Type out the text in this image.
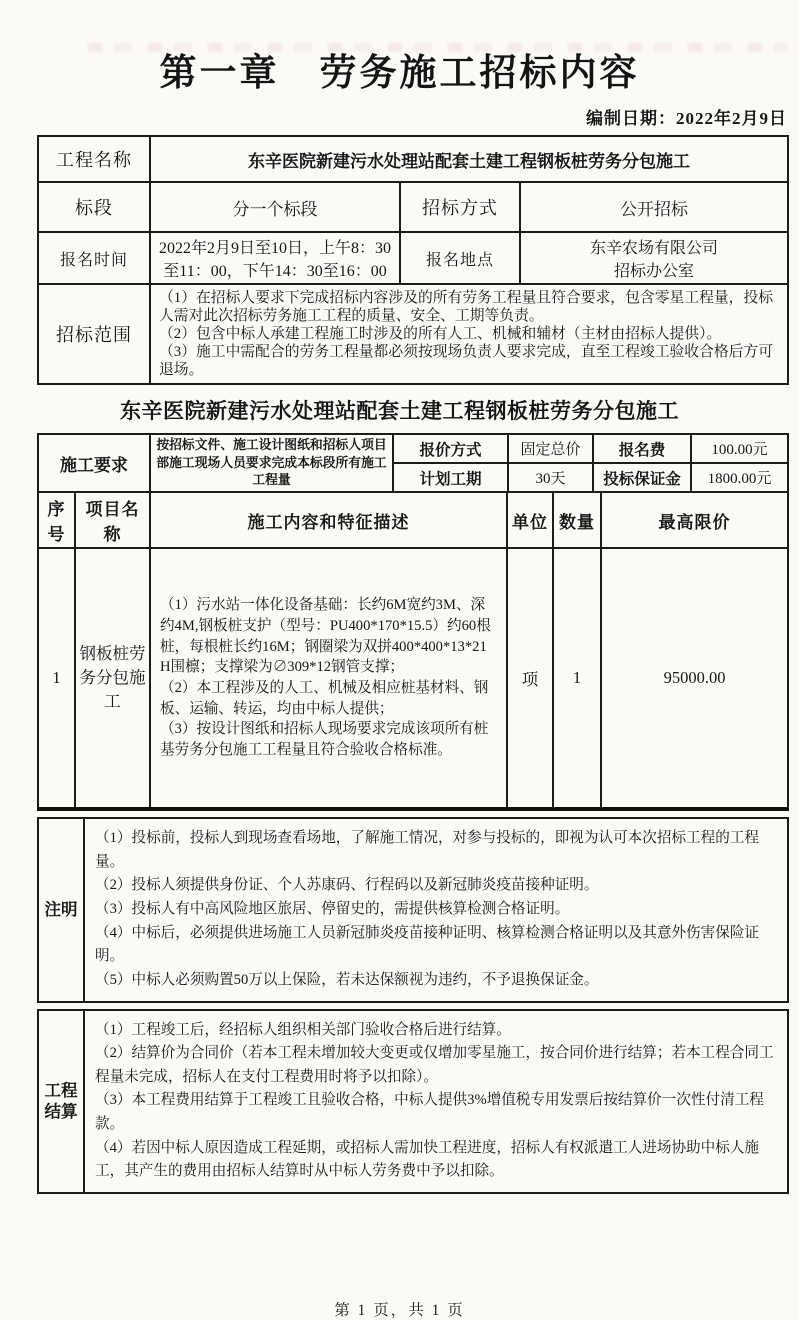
第一章　劳务施工招标内容
编制日期：2022年2月9日
工程名称	东辛医院新建污水处理站配套土建工程钢板桩劳务分包施工		
标段	分一个标段	招标方式	公开招标
报名时间	2022年2月9日至10日，上午8：30至11：00，下午14：30至16：00	报名地点	东辛农场有限公司
招标办公室

招标范围	（1）在招标人要求下完成招标内容涉及的所有劳务工程量且符合要求，包含零星工程量，投标人需对此次招标劳务施工工程的质量、安全、工期等负责。

（2）包含中标人承建工程施工时涉及的所有人工、机械和辅材（主材由招标人提供）。

（3）施工中需配合的劳务工程量都必须按现场负责人要求完成，直至工程竣工验收合格后方可退场。		

东辛医院新建污水处理站配套土建工程钢板桩劳务分包施工
施工要求	按招标文件、施工设计图纸和招标人项目部施工现场人员要求完成本标段所有施工工程量	报价方式	固定总价	报名费	100.00元
		计划工期	30天	投标保证金	1800.00元
序号	项目名称	施工内容和特征描述	单位	数量	最高限价
1	钢板桩劳务分包施工	（1）污水站一体化设备基础：长约6M宽约3M、深约4M,钢板桩支护（型号：PU400*170*15.5）约60根桩，每根桩长约16M；钢圈梁为双拼400*400*13*21H围檩；支撑梁为∅309*12钢管支撑；

（2）本工程涉及的人工、机械及相应桩基材料、钢板、运输、转运，均由中标人提供；

（3）按设计图纸和招标人现场要求完成该项所有桩基劳务分包施工工程量且符合验收合格标准。	项	1	95000.00
注明	

（1）投标前，投标人到现场查看场地，了解施工情况，对参与投标的，即视为认可本次招标工程的工程量。

（2）投标人须提供身份证、个人苏康码、行程码以及新冠肺炎疫苗接种证明。

（3）投标人有中高风险地区旅居、停留史的，需提供核算检测合格证明。

（4）中标后，必须提供进场施工人员新冠肺炎疫苗接种证明、核算检测合格证明以及其意外伤害保险证明。

（5）中标人必须购置50万以上保险，若未达保额视为违约，不予退换保证金。

工程结算	

（1）工程竣工后，经招标人组织相关部门验收合格后进行结算。

（2）结算价为合同价（若本工程未增加较大变更或仅增加零星施工，按合同价进行结算；若本工程合同工程量未完成，招标人在支付工程费用时将予以扣除）。

（3）本工程费用结算于工程竣工且验收合格，中标人提供3%增值税专用发票后按结算价一次性付清工程款。

（4）若因中标人原因造成工程延期，或招标人需加快工程进度，招标人有权派遣工人进场协助中标人施工，其产生的费用由招标人结算时从中标人劳务费中予以扣除。

第 1 页，共 1 页
